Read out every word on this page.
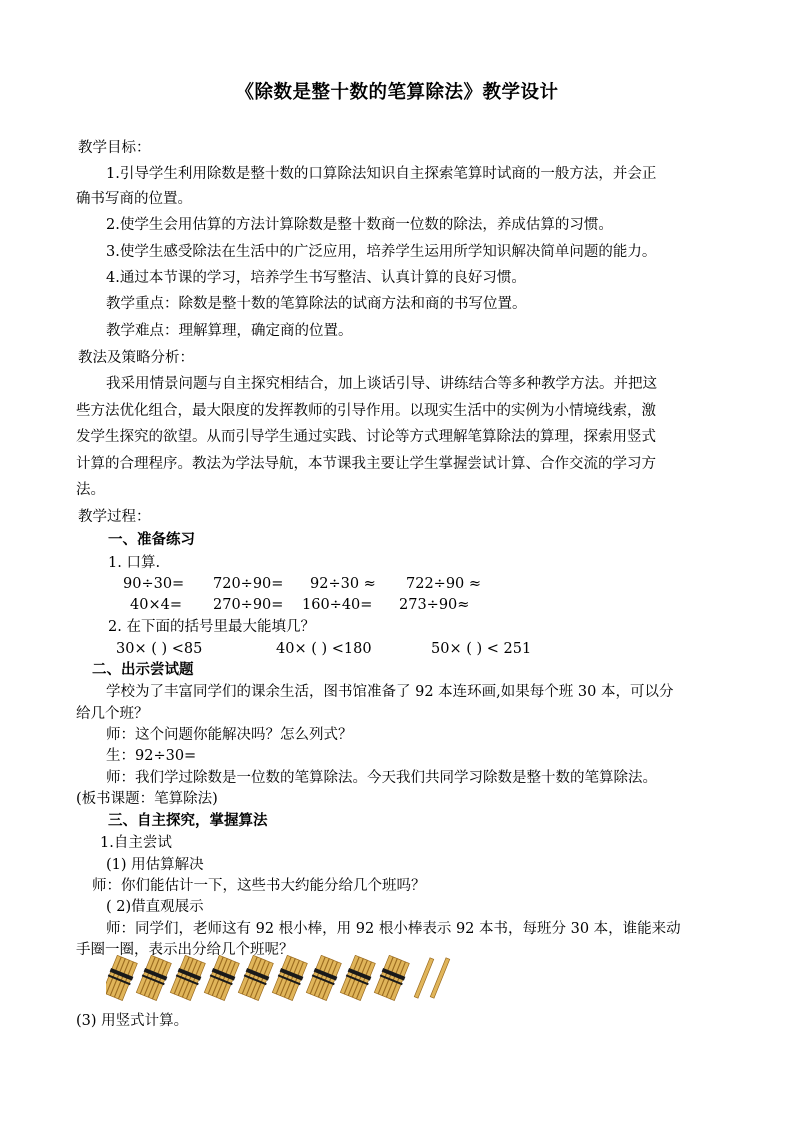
《除数是整十数的笔算除法》教学设计
教学目标：
1.引导学生利用除数是整十数的口算除法知识自主探索笔算时试商的一般方法，并会正
确书写商的位置。
2.使学生会用估算的方法计算除数是整十数商一位数的除法，养成估算的习惯。
3.使学生感受除法在生活中的广泛应用，培养学生运用所学知识解决简单问题的能力。
4.通过本节课的学习，培养学生书写整洁、认真计算的良好习惯。
教学重点：除数是整十数的笔算除法的试商方法和商的书写位置。
教学难点：理解算理，确定商的位置。
教法及策略分析：
我采用情景问题与自主探究相结合，加上谈话引导、讲练结合等多种教学方法。并把这
些方法优化组合，最大限度的发挥教师的引导作用。以现实生活中的实例为小情境线索，激
发学生探究的欲望。从而引导学生通过实践、讨论等方式理解笔算除法的算理，探索用竖式
计算的合理程序。教法为学法导航，本节课我主要让学生掌握尝试计算、合作交流的学习方
法。
教学过程：
一、准备练习
1. 口算.
90÷30= 720÷90= 92÷30 ≈ 722÷90 ≈
40×4= 270÷90= 160÷40= 273÷90≈
2. 在下面的括号里最大能填几？
30× ( ) <85	40× ( ) <180	50× ( ) < 251
二、出示尝试题
学校为了丰富同学们的课余生活，图书馆准备了 92 本连环画,如果每个班 30 本，可以分
给几个班？
师：这个问题你能解决吗？怎么列式？
生：92÷30=
师：我们学过除数是一位数的笔算除法。今天我们共同学习除数是整十数的笔算除法。
(板书课题：笔算除法)
三、自主探究，掌握算法
1.自主尝试
(1) 用估算解决
师：你们能估计一下，这些书大约能分给几个班吗？
( 2)借直观展示
师：同学们，老师这有 92 根小棒，用 92 根小棒表示 92 本书，每班分 30 本，谁能来动
手圈一圈，表示出分给几个班呢？
(3) 用竖式计算。
